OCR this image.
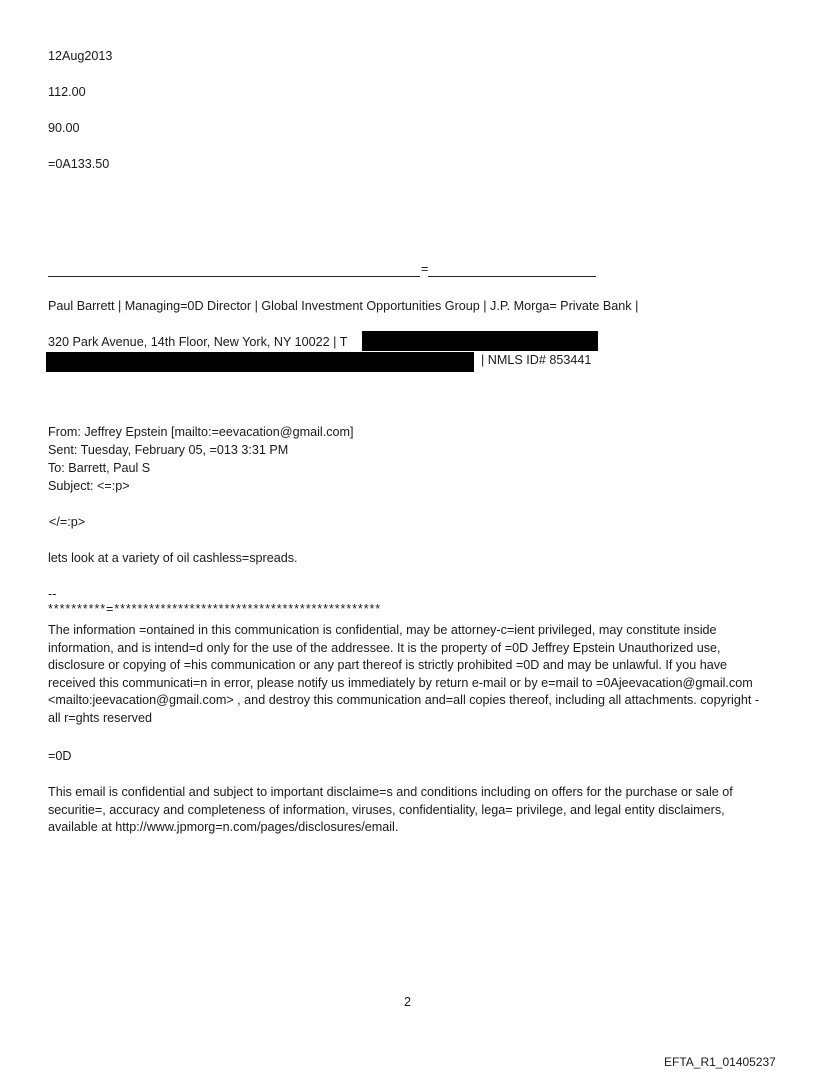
12Aug2013
112.00
90.00
=0A133.50
=
Paul Barrett | Managing=0D Director | Global Investment Opportunities Group | J.P. Morga= Private Bank |
320 Park Avenue, 14th Floor, New York, NY 10022 | T
| NMLS ID# 853441
From: Jeffrey Epstein [mailto:=eevacation@gmail.com]
Sent: Tuesday, February 05, =013 3:31 PM
To: Barrett, Paul S
Subject: <=:p>
</=:p>
lets look at a variety of oil cashless=spreads.
--
**********=**********************************************
The information =ontained in this communication is confidential, may be attorney-c=ient privileged, may constitute inside information, and is intend=d only for the use of the addressee. It is the property of =0D Jeffrey Epstein Unauthorized use, disclosure or copying of =his communication or any part thereof is strictly prohibited =0D and may be unlawful. If you have received this communicati=n in error, please notify us immediately by return e-mail or by e=mail to =0Ajeevacation@gmail.com <mailto:jeevacation@gmail.com> , and destroy this communication and=all copies thereof, including all attachments. copyright -all r=ghts reserved
=0D
This email is confidential and subject to important disclaime=s and conditions including on offers for the purchase or sale of securitie=, accuracy and completeness of information, viruses, confidentiality, lega= privilege, and legal entity disclaimers, available at http://www.jpmorg=n.com/pages/disclosures/email.
2
EFTA_R1_01405237
